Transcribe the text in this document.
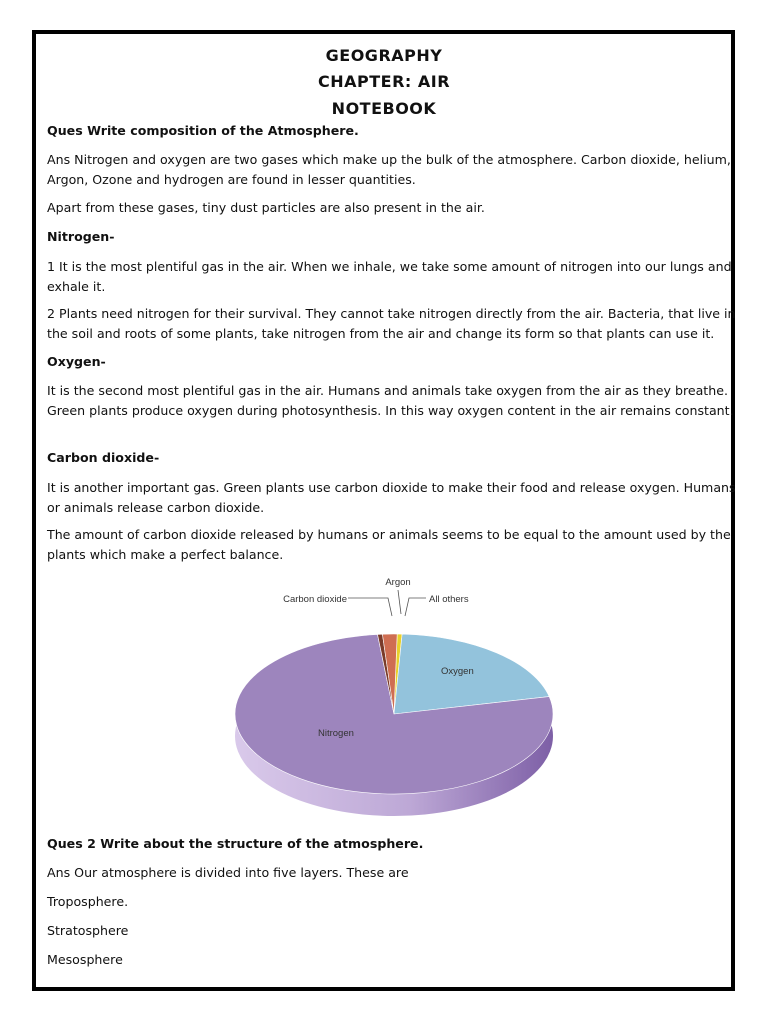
GEOGRAPHY
CHAPTER: AIR
NOTEBOOK
Ques Write composition of the Atmosphere.
Ans Nitrogen and oxygen are two gases which make up the bulk of the atmosphere. Carbon dioxide, helium, Argon, Ozone and hydrogen are found in lesser quantities.
Apart from these gases, tiny dust particles are also present in the air.
Nitrogen-
1 It is the most plentiful gas in the air. When we inhale, we take some amount of nitrogen into our lungs and exhale it.
2 Plants need nitrogen for their survival. They cannot take nitrogen directly from the air. Bacteria, that live in the soil and roots of some plants, take nitrogen from the air and change its form so that plants can use it.
Oxygen-
It is the second most plentiful gas in the air. Humans and animals take oxygen from the air as they breathe. Green plants produce oxygen during photosynthesis. In this way oxygen content in the air remains constant.
Carbon dioxide-
It is another important gas. Green plants use carbon dioxide to make their food and release oxygen. Humans or animals release carbon dioxide.
The amount of carbon dioxide released by humans or animals seems to be equal to the amount used by the plants which make a perfect balance.
Carbon dioxide
Argon
All others
Oxygen
Nitrogen
Ques 2 Write about the structure of the atmosphere.
Ans Our atmosphere is divided into five layers. These are
Troposphere.
Stratosphere
Mesosphere
